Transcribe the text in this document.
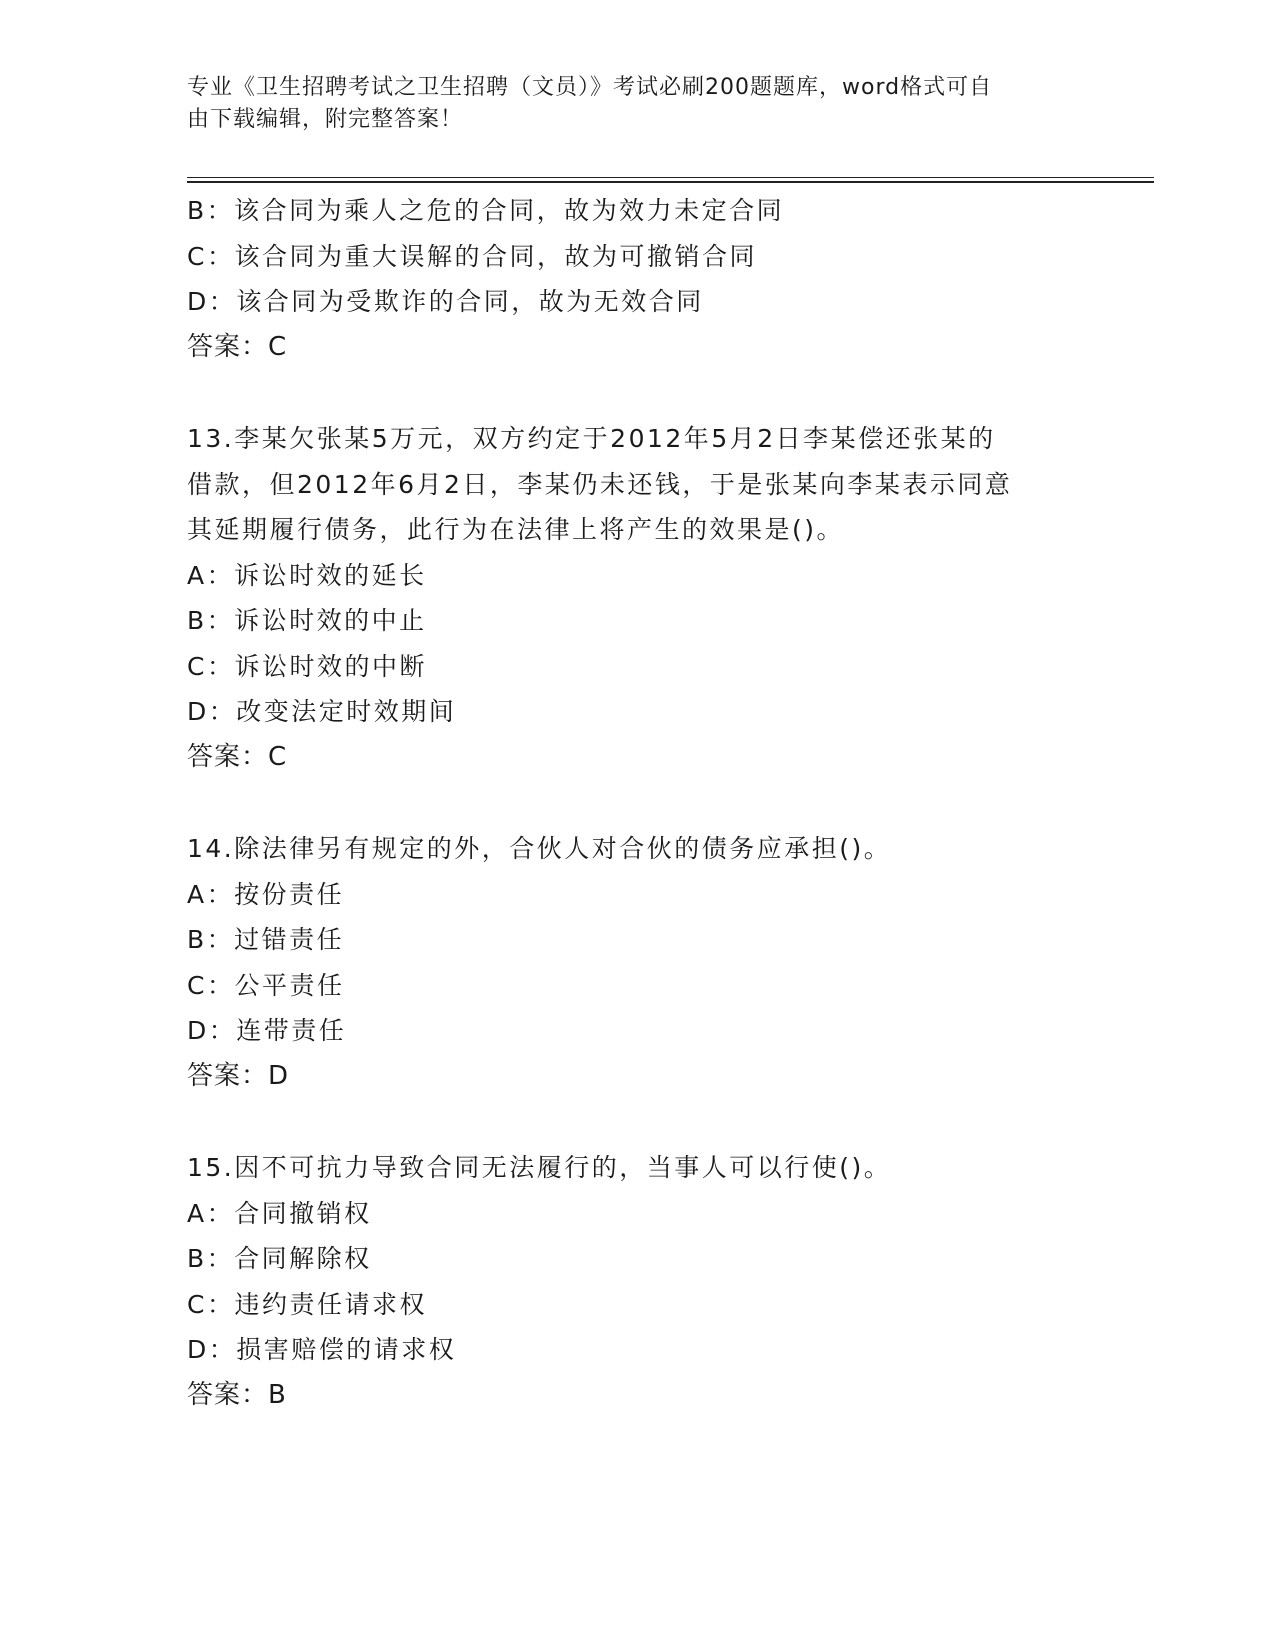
专业《卫生招聘考试之卫生招聘（文员）》考试必刷200题题库，word格式可自
由下载编辑，附完整答案！
B：该合同为乘人之危的合同，故为效力未定合同
C：该合同为重大误解的合同，故为可撤销合同
D：该合同为受欺诈的合同，故为无效合同
答案：C
13.李某欠张某5万元，双方约定于2012年5月2日李某偿还张某的
借款，但2012年6月2日，李某仍未还钱，于是张某向李某表示同意
其延期履行债务，此行为在法律上将产生的效果是()。
A：诉讼时效的延长
B：诉讼时效的中止
C：诉讼时效的中断
D：改变法定时效期间
答案：C
14.除法律另有规定的外，合伙人对合伙的债务应承担()。
A：按份责任
B：过错责任
C：公平责任
D：连带责任
答案：D
15.因不可抗力导致合同无法履行的，当事人可以行使()。
A：合同撤销权
B：合同解除权
C：违约责任请求权
D：损害赔偿的请求权
答案：B
